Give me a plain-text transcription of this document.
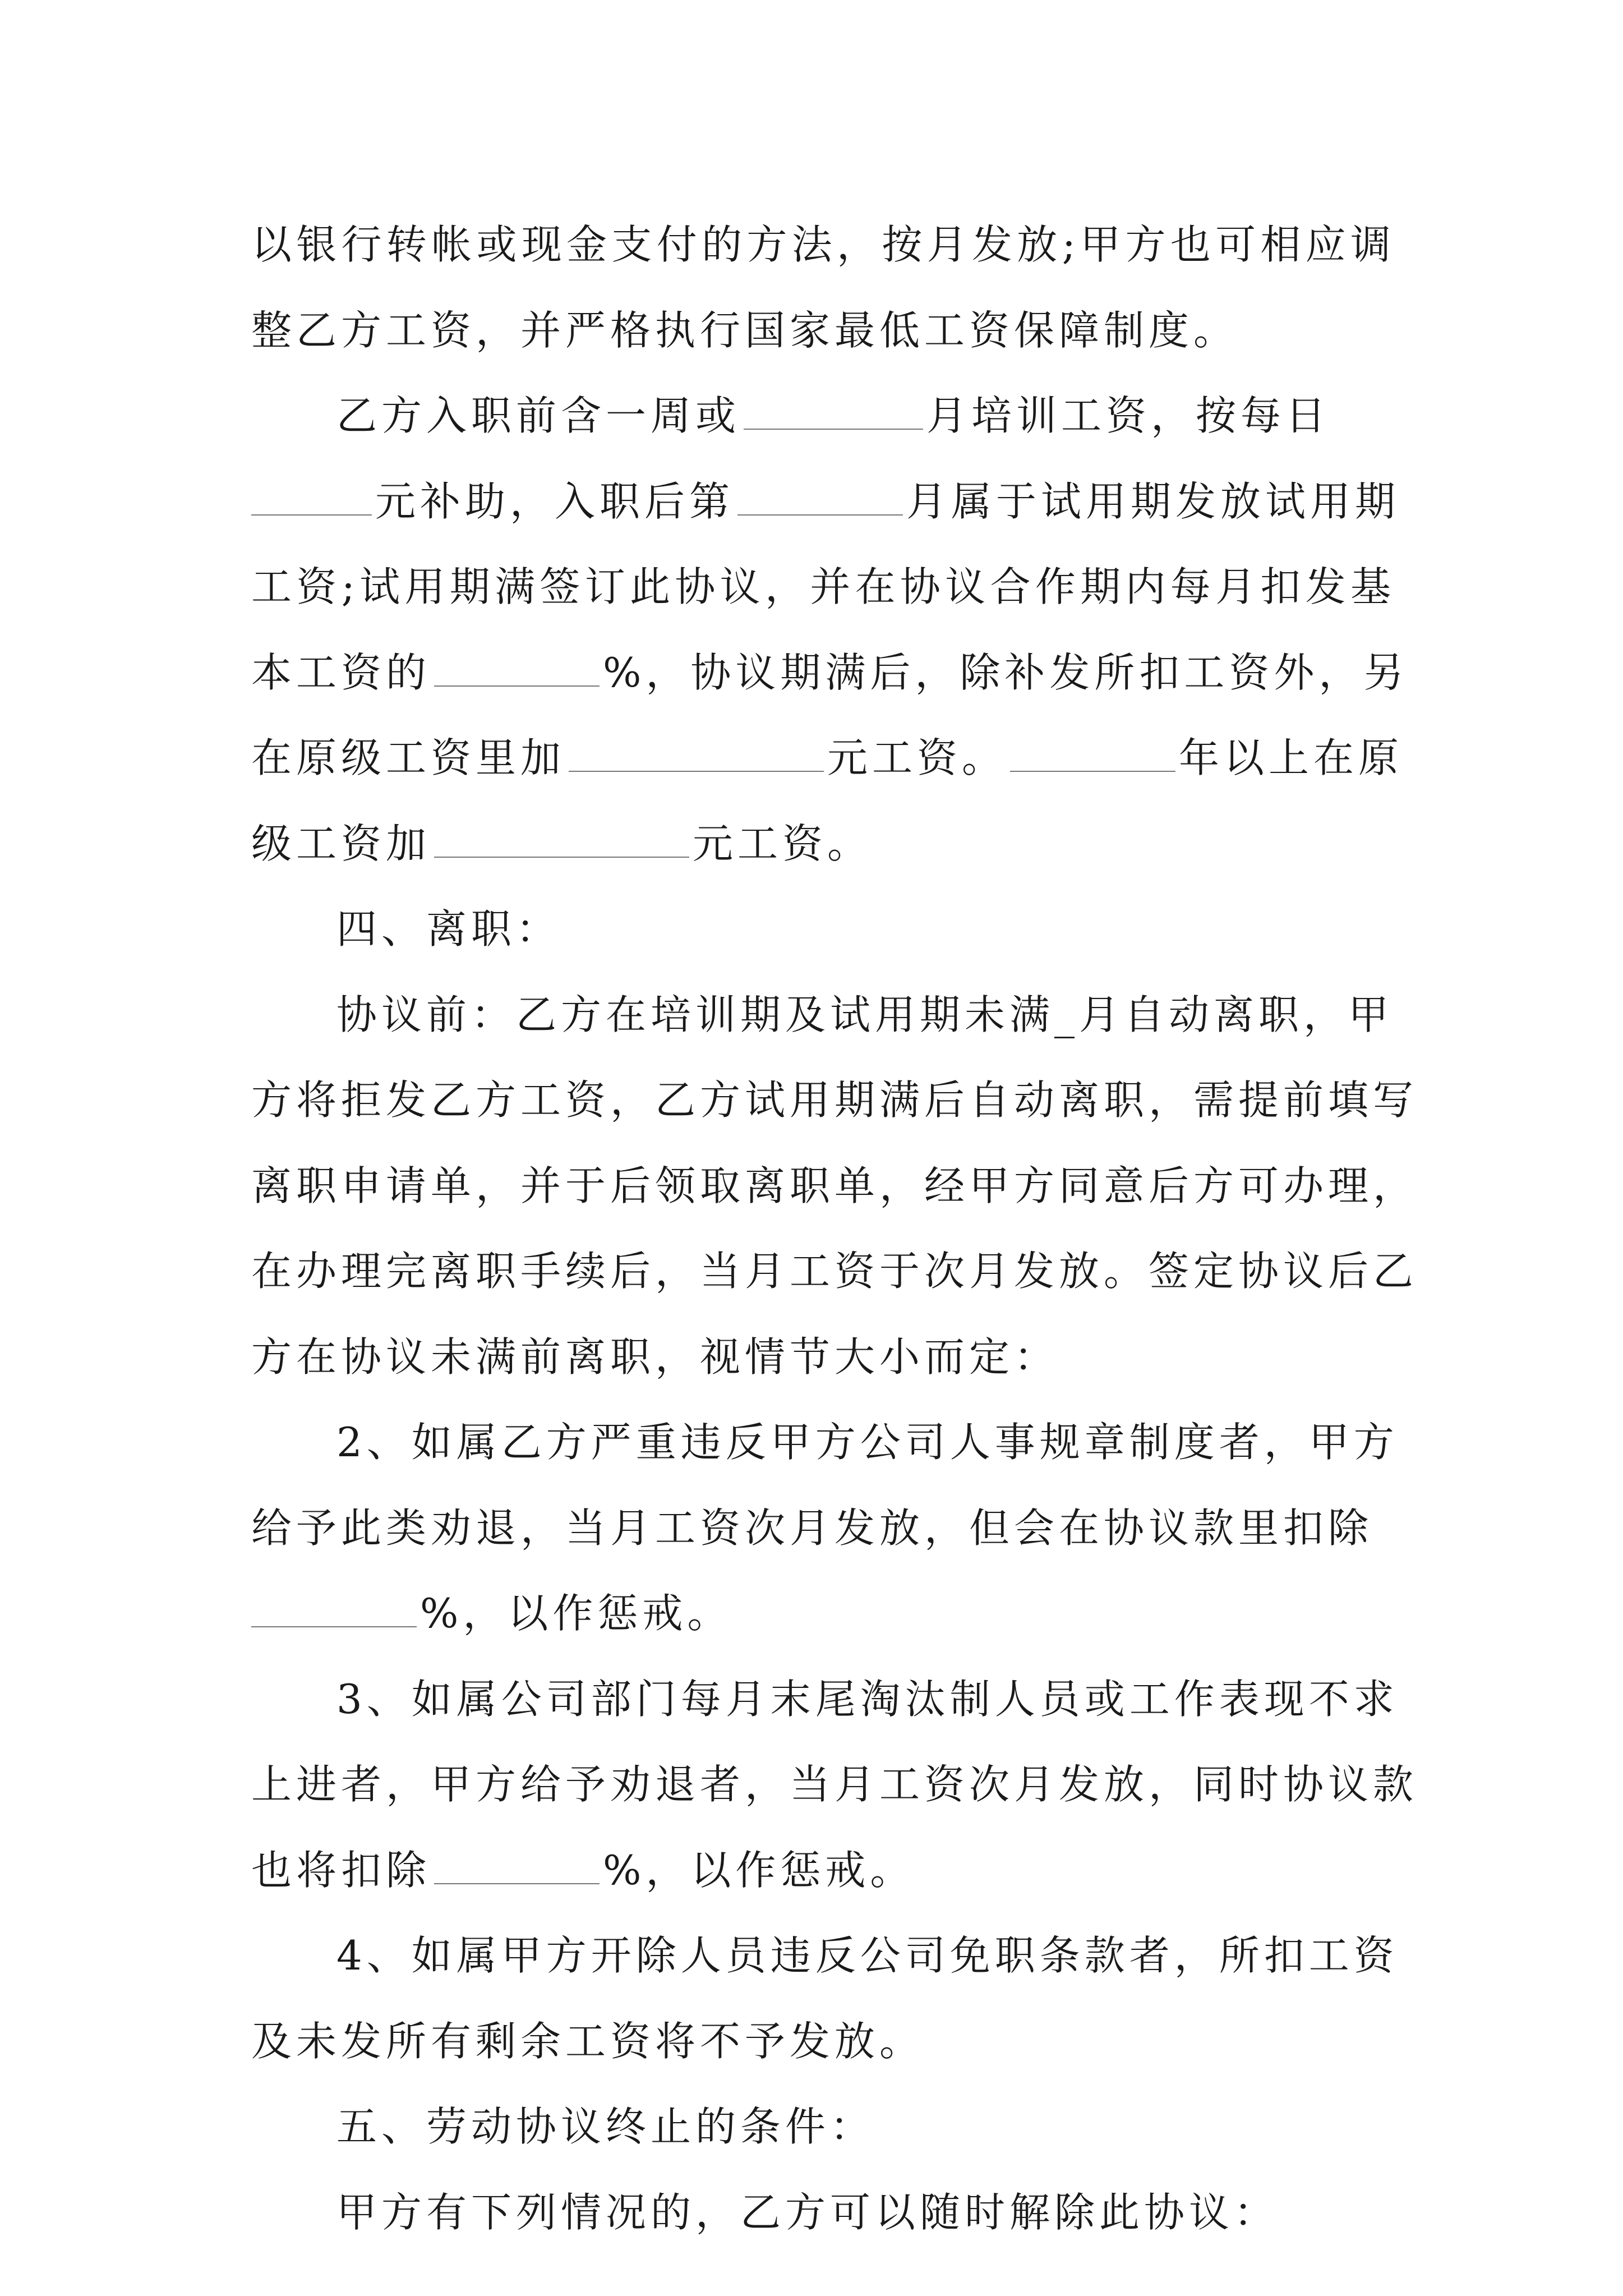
以银行转帐或现金支付的方法，按月发放;甲方也可相应调
整乙方工资，并严格执行国家最低工资保障制度。
乙方入职前含一周或	月培训工资，按每日
元补助，入职后第	月属于试用期发放试用期
工资;试用期满签订此协议，并在协议合作期内每月扣发基
本工资的	%，协议期满后，除补发所扣工资外，另
在原级工资里加	元工资。	年以上在原
级工资加	元工资。
四、离职：
协议前：乙方在培训期及试用期未满_月自动离职，甲
方将拒发乙方工资，乙方试用期满后自动离职，需提前填写
离职申请单，并于后领取离职单，经甲方同意后方可办理，
在办理完离职手续后，当月工资于次月发放。签定协议后乙
方在协议未满前离职，视情节大小而定：
2、如属乙方严重违反甲方公司人事规章制度者，甲方
给予此类劝退，当月工资次月发放，但会在协议款里扣除
%，以作惩戒。
3、如属公司部门每月末尾淘汰制人员或工作表现不求
上进者，甲方给予劝退者，当月工资次月发放，同时协议款
也将扣除	%，以作惩戒。
4、如属甲方开除人员违反公司免职条款者，所扣工资
及未发所有剩余工资将不予发放。
五、劳动协议终止的条件：
甲方有下列情况的，乙方可以随时解除此协议：
